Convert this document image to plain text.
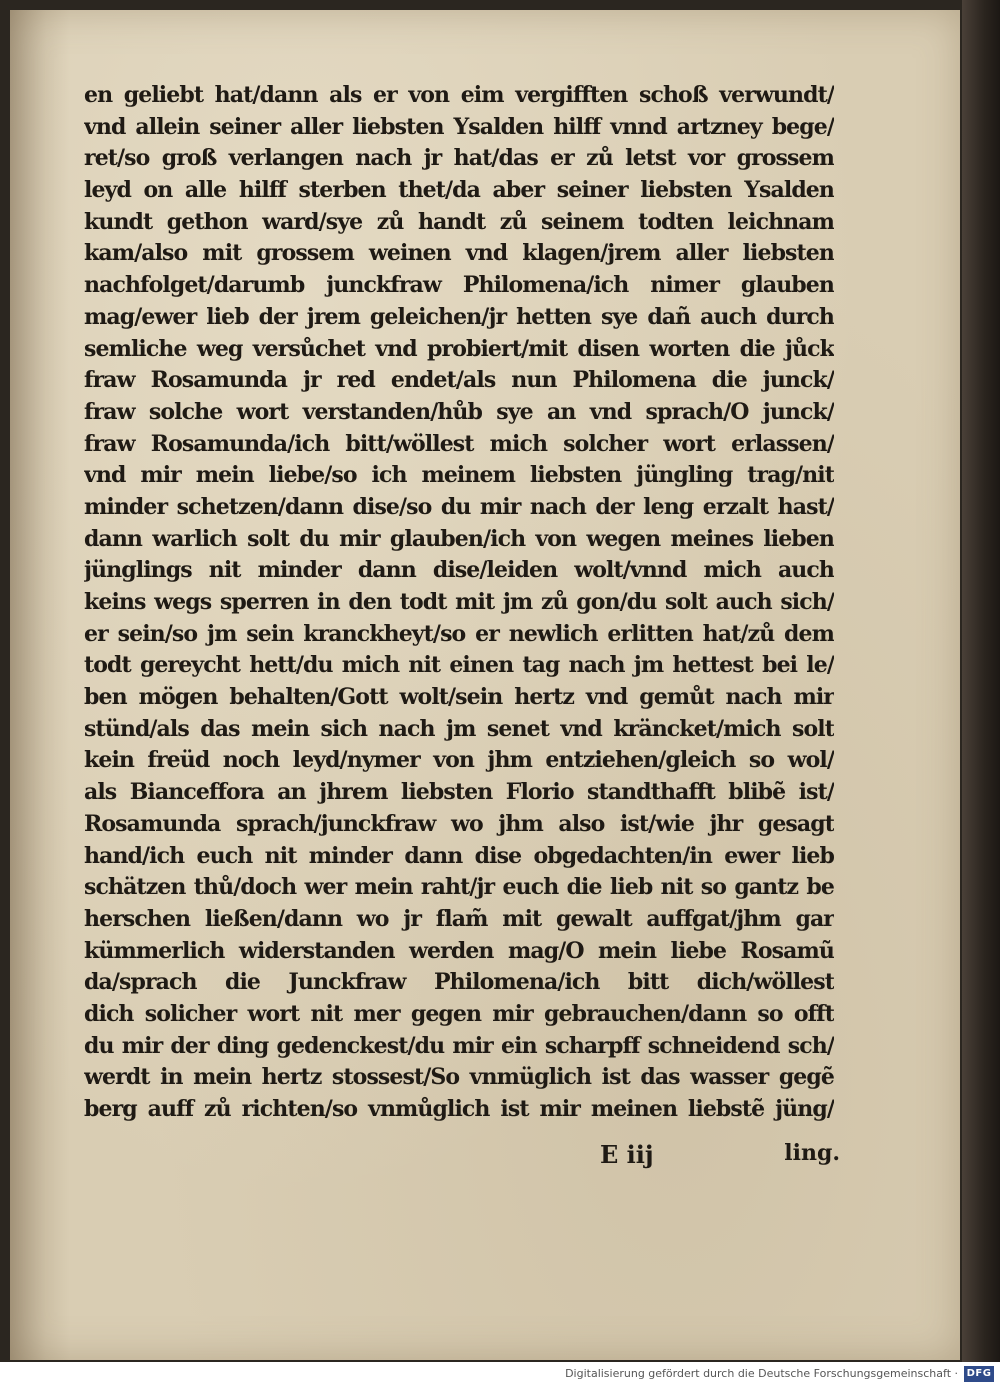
en geliebt hat/dann als er von eim vergifften schoß verwundt/
vnd allein seiner aller liebsten Ysalden hilff vnnd artzney bege/
ret/so groß verlangen nach jr hat/das er zů letst vor grossem
leyd on alle hilff sterben thet/da aber seiner liebsten Ysalden
kundt gethon ward/sye zů handt zů seinem todten leichnam
kam/also mit grossem weinen vnd klagen/jrem aller liebsten
nachfolget/darumb junckfraw Philomena/ich nimer glauben
mag/ewer lieb der jrem geleichen/jr hetten sye dañ auch durch
semliche weg versůchet vnd probiert/mit disen worten die jůck
fraw Rosamunda jr red endet/als nun Philomena die junck/
fraw solche wort verstanden/hůb sye an vnd sprach/O junck/
fraw Rosamunda/ich bitt/wöllest mich solcher wort erlassen/
vnd mir mein liebe/so ich meinem liebsten jüngling trag/nit
minder schetzen/dann dise/so du mir nach der leng erzalt hast/
dann warlich solt du mir glauben/ich von wegen meines lieben
jünglings nit minder dann dise/leiden wolt/vnnd mich auch
keins wegs sperren in den todt mit jm zů gon/du solt auch sich/
er sein/so jm sein kranckheyt/so er newlich erlitten hat/zů dem
todt gereycht hett/du mich nit einen tag nach jm hettest bei le/
ben mögen behalten/Gott wolt/sein hertz vnd gemůt nach mir
stünd/als das mein sich nach jm senet vnd kräncket/mich solt
kein freüd noch leyd/nymer von jhm entziehen/gleich so wol/
als Bianceffora an jhrem liebsten Florio standthafft blibẽ ist/
Rosamunda sprach/junckfraw wo jhm also ist/wie jhr gesagt
hand/ich euch nit minder dann dise obgedachten/in ewer lieb
schätzen thů/doch wer mein raht/jr euch die lieb nit so gantz be
herschen ließen/dann wo jr flam̃ mit gewalt auffgat/jhm gar
kümmerlich widerstanden werden mag/O mein liebe Rosamũ
da/sprach die Junckfraw Philomena/ich bitt dich/wöllest
dich solicher wort nit mer gegen mir gebrauchen/dann so offt
du mir der ding gedenckest/du mir ein scharpff schneidend sch/
werdt in mein hertz stossest/So vnmüglich ist das wasser gegẽ
berg auff zů richten/so vnmůglich ist mir meinen liebstẽ jüng/
E iij	ling.
Digitalisierung gefördert durch die Deutsche Forschungsgemeinschaft · DFG
